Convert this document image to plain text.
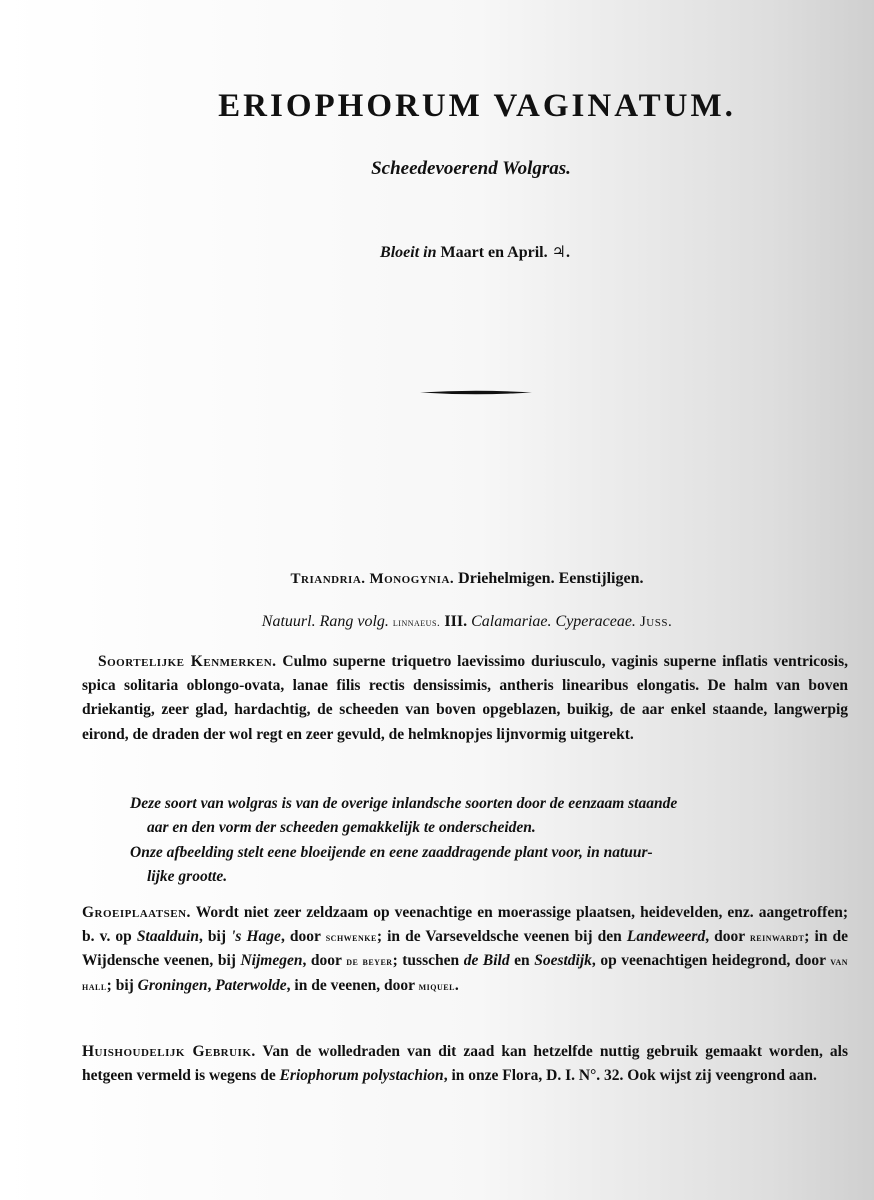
ERIOPHORUM VAGINATUM.
Scheedevoerend Wolgras.
Bloeit in Maart en April. ♃.
Triandria. Monogynia. Driehelmigen. Eenstijligen.
Natuurl. Rang volg. linnaeus. III. Calamariae. Cyperaceae. Juss.
Soortelijke Kenmerken. Culmo superne triquetro laevissimo duriusculo, vaginis superne inflatis ventricosis, spica solitaria oblongo-ovata, lanae filis rectis densissimis, antheris linearibus elongatis. De halm van boven driekantig, zeer glad, hardachtig, de scheeden van boven opgeblazen, buikig, de aar enkel staande, langwerpig eirond, de draden der wol regt en zeer gevuld, de helmknopjes lijnvormig uitgerekt.
Deze soort van wolgras is van de overige inlandsche soorten door de eenzaam staande
aar en den vorm der scheeden gemakkelijk te onderscheiden.
Onze afbeelding stelt eene bloeijende en eene zaaddragende plant voor, in natuur-
lijke grootte.
Groeiplaatsen. Wordt niet zeer zeldzaam op veenachtige en moerassige plaatsen, heidevelden, enz. aangetroffen; b. v. op Staalduin, bij 's Hage, door schwenke; in de Varseveldsche veenen bij den Landeweerd, door reinwardt; in de Wijdensche veenen, bij Nijmegen, door de beyer; tusschen de Bild en Soestdijk, op veenachtigen heidegrond, door van hall; bij Groningen, Paterwolde, in de veenen, door miquel.
Huishoudelijk Gebruik. Van de wolledraden van dit zaad kan hetzelfde nuttig gebruik gemaakt worden, als hetgeen vermeld is wegens de Eriophorum polystachion, in onze Flora, D. I. N°. 32. Ook wijst zij veengrond aan.
